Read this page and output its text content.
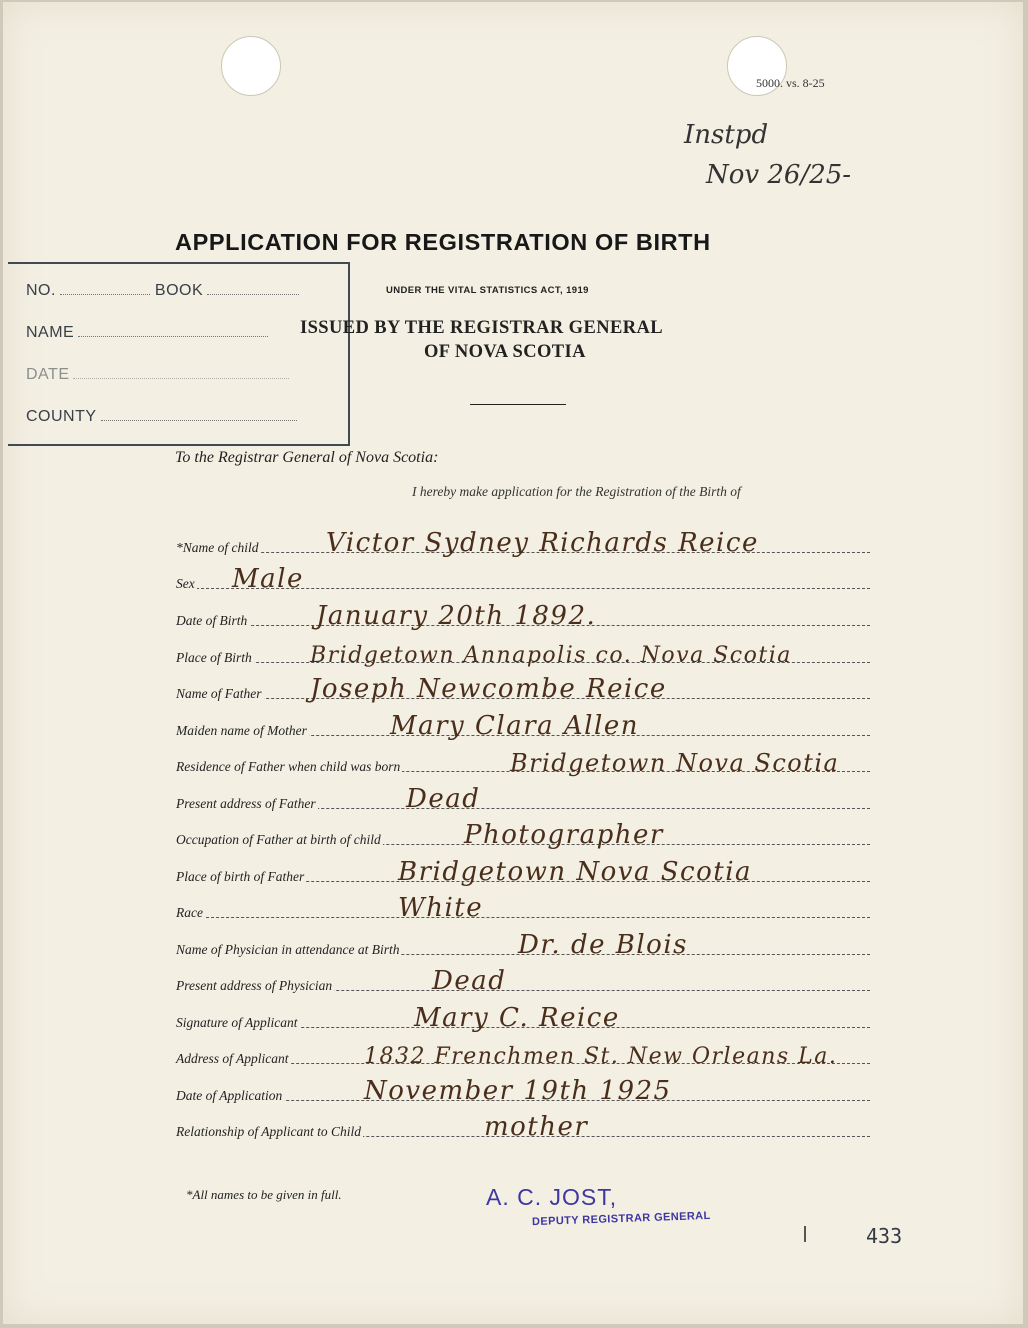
5000. vs. 8-25
Instpd
Nov 26/25-
APPLICATION FOR REGISTRATION OF BIRTH
NO.	BOOK
NAME
DATE
COUNTY
UNDER THE VITAL STATISTICS ACT, 1919
ISSUED BY THE REGISTRAR GENERAL
OF NOVA SCOTIA
To the Registrar General of Nova Scotia:
I hereby make application for the Registration of the Birth of
*Name of child	Victor Sydney Richards Reice
Sex Male
Date of Birth	January 20th 1892.
Place of Birth	Bridgetown Annapolis co. Nova Scotia
Name of Father Joseph Newcombe Reice
Maiden name of Mother	Mary Clara Allen
Residence of Father when child was born	Bridgetown Nova Scotia
Present address of Father	Dead
Occupation of Father at birth of child	Photographer
Place of birth of Father	Bridgetown Nova Scotia
Race	White
Name of Physician in attendance at Birth	Dr. de Blois
Present address of Physician	Dead
Signature of Applicant	Mary C. Reice
Address of Applicant	1832 Frenchmen St. New Orleans La.
Date of Application	November 19th 1925
Relationship of Applicant to Child	mother
*All names to be given in full.	A. C. JOST,
DEPUTY REGISTRAR GENERAL
433
